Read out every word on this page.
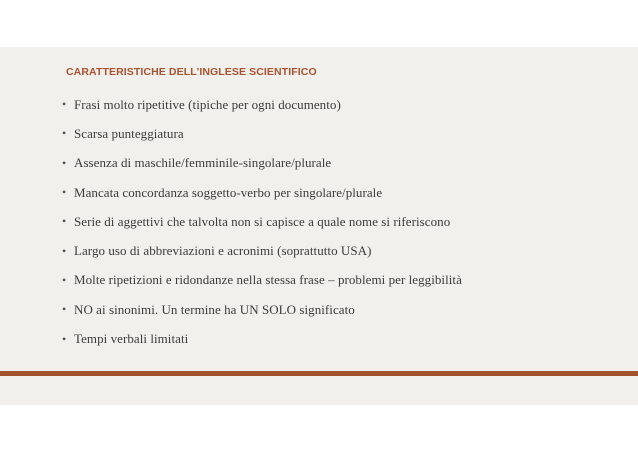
CARATTERISTICHE DELL'INGLESE SCIENTIFICO
• Frasi molto ripetitive (tipiche per ogni documento)
• Scarsa punteggiatura
• Assenza di maschile/femminile-singolare/plurale
• Mancata concordanza soggetto-verbo per singolare/plurale
• Serie di aggettivi che talvolta non si capisce a quale nome si riferiscono
• Largo uso di abbreviazioni e acronimi (soprattutto USA)
• Molte ripetizioni e ridondanze nella stessa frase – problemi per leggibilità
• NO ai sinonimi. Un termine ha UN SOLO significato
• Tempi verbali limitati
